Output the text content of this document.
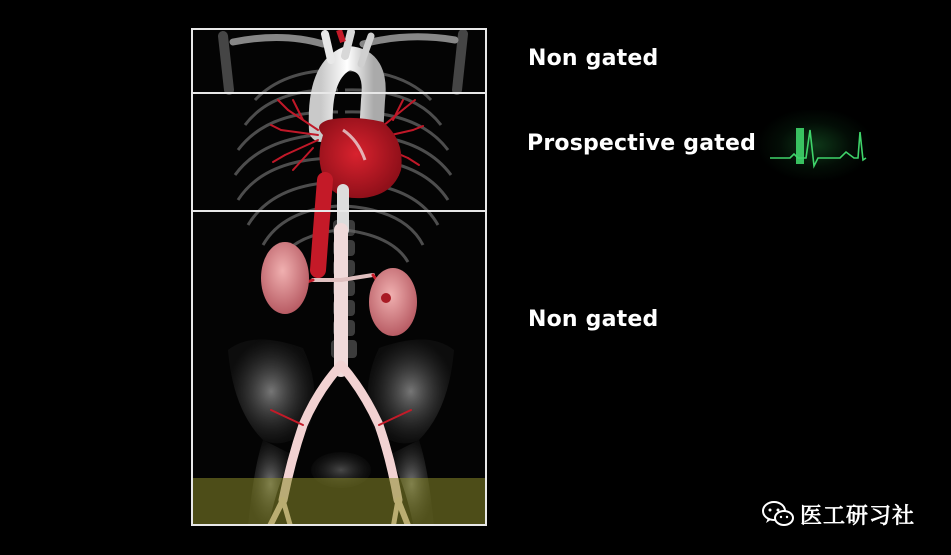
Non gated
Prospective gated
Non gated
医工研习社
